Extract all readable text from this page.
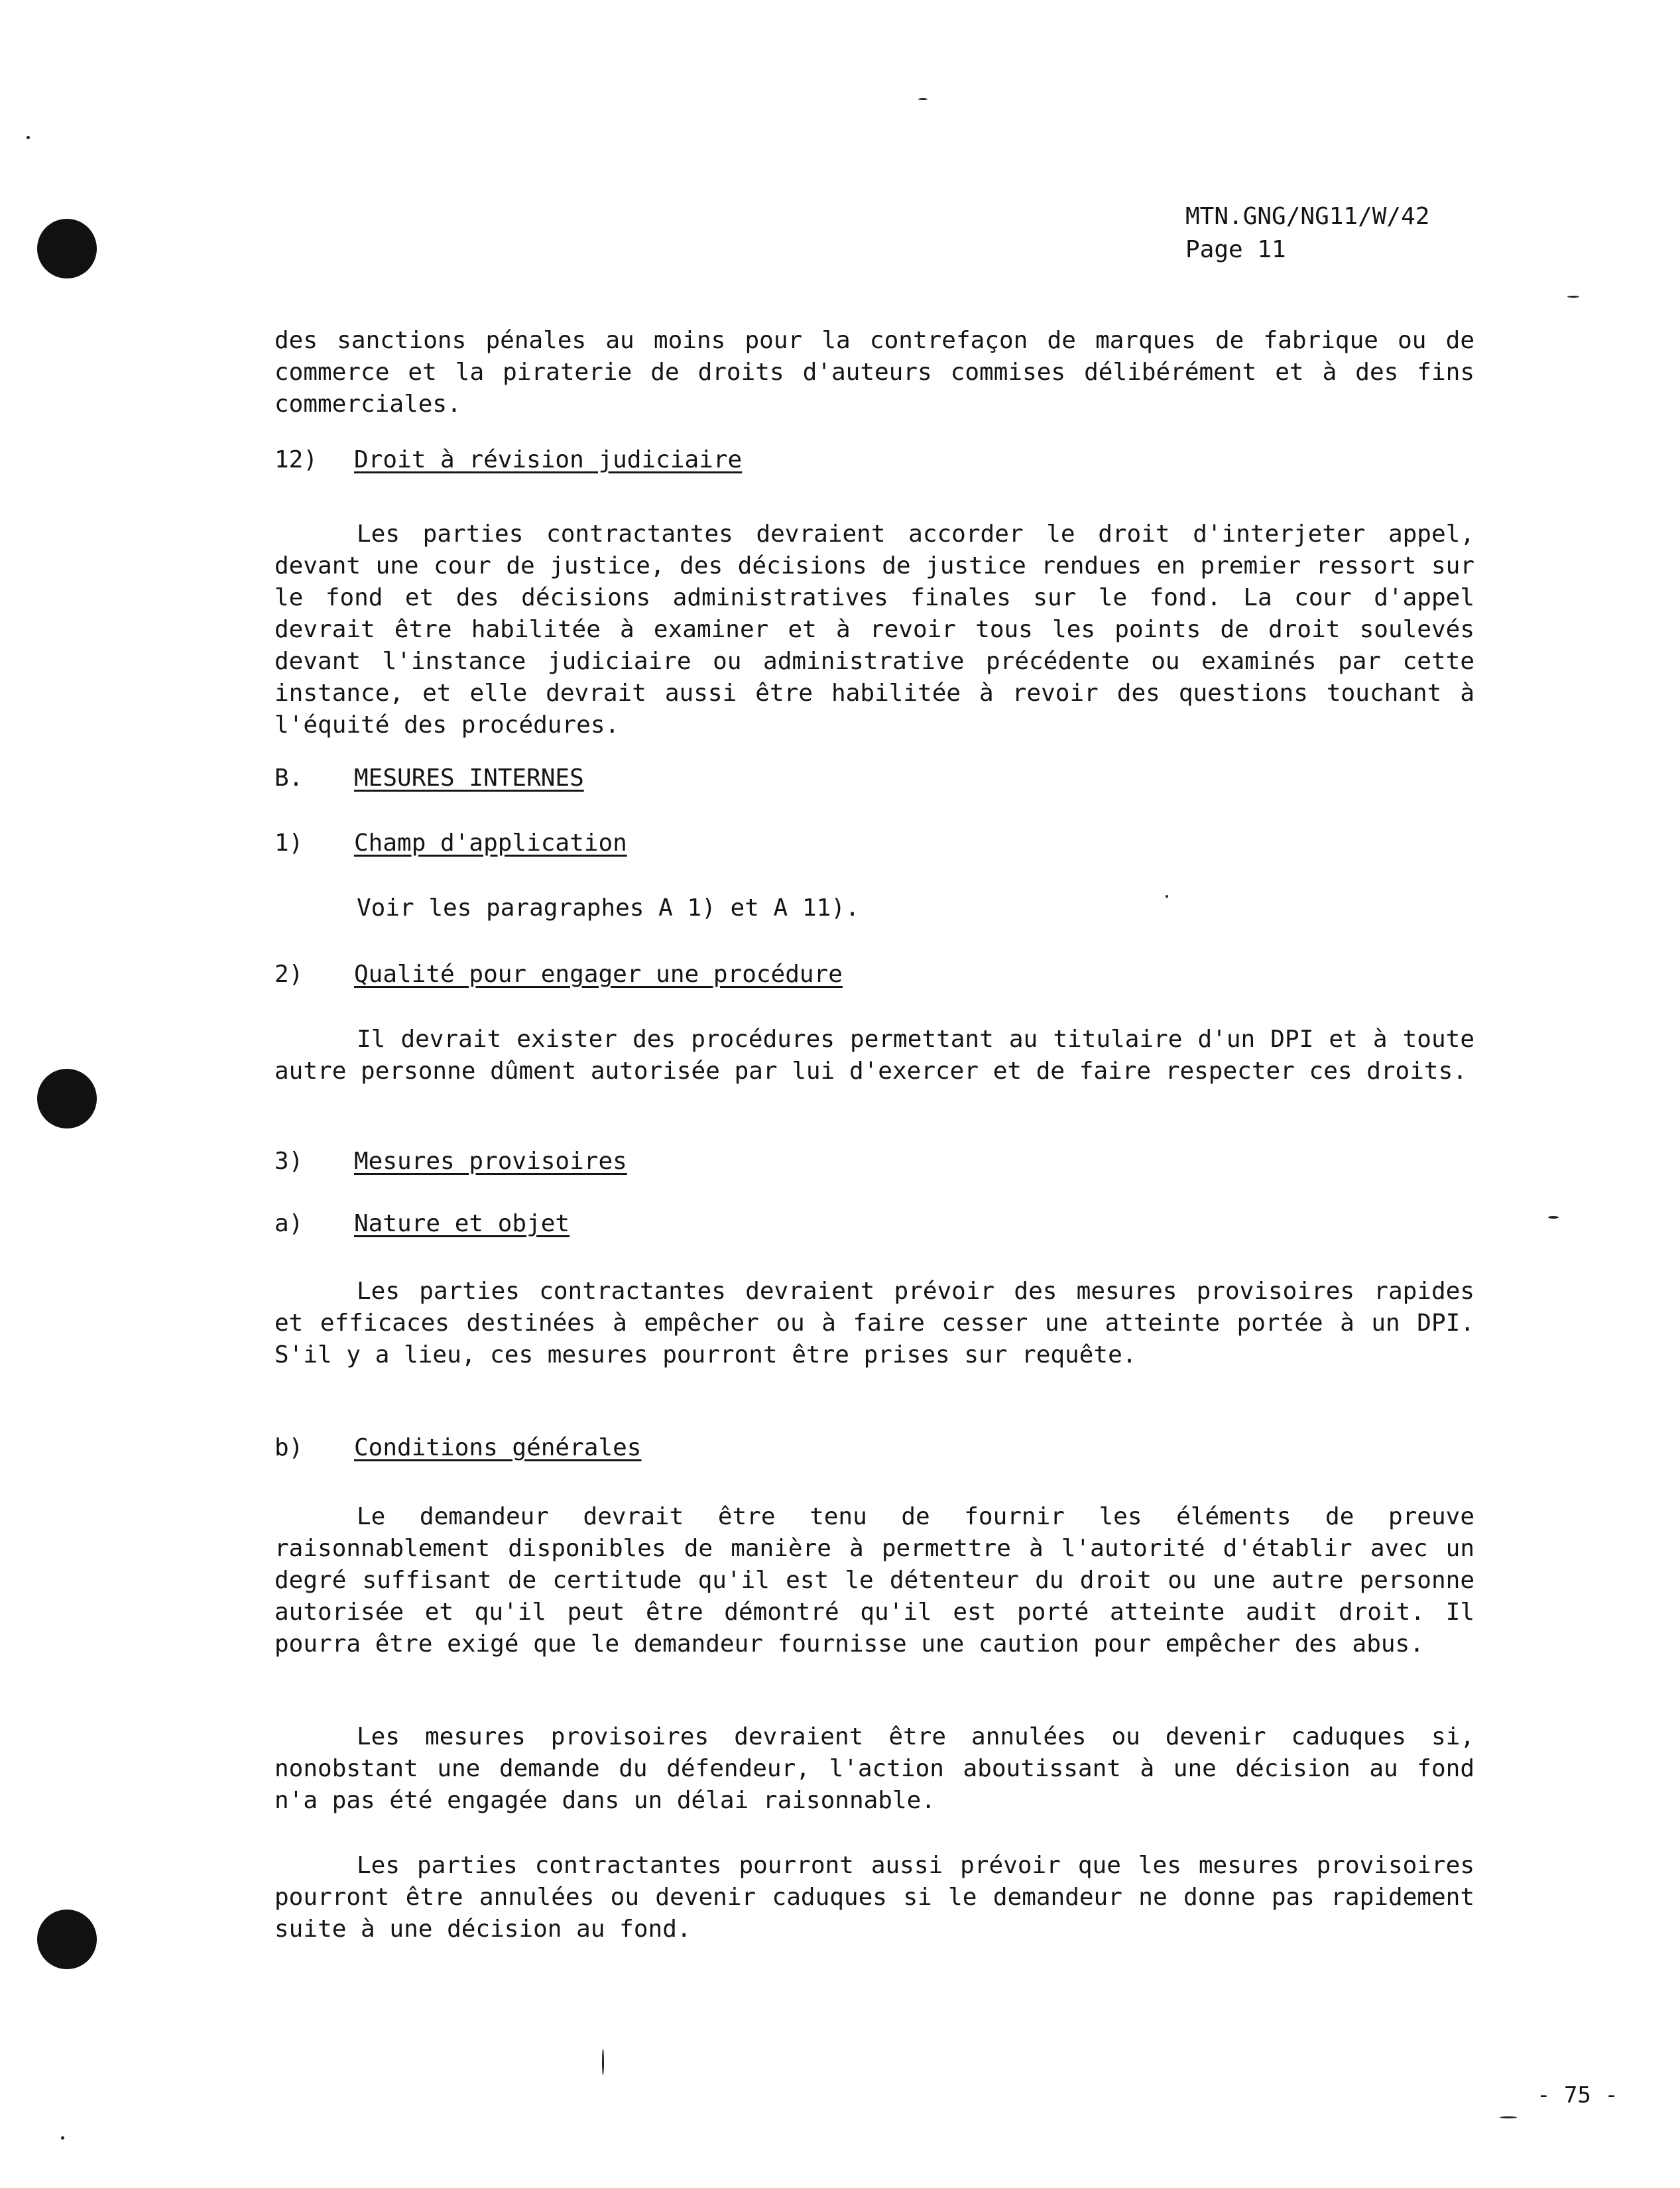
MTN.GNG/NG11/W/42
Page 11
des sanctions pénales au moins pour la contrefaçon de marques de fabrique ou de commerce et la piraterie de droits d'auteurs commises délibérément et à des fins commerciales.
12) Droit à révision judiciaire
Les parties contractantes devraient accorder le droit d'interjeter appel, devant une cour de justice, des décisions de justice rendues en premier ressort sur le fond et des décisions administratives finales sur le fond. La cour d'appel devrait être habilitée à examiner et à revoir tous les points de droit soulevés devant l'instance judiciaire ou administrative précédente ou examinés par cette instance, et elle devrait aussi être habilitée à revoir des questions touchant à l'équité des procédures.
B. MESURES INTERNES
1) Champ d'application
Voir les paragraphes A 1) et A 11).
2) Qualité pour engager une procédure
Il devrait exister des procédures permettant au titulaire d'un DPI et à toute autre personne dûment autorisée par lui d'exercer et de faire respecter ces droits.
3) Mesures provisoires
a) Nature et objet
Les parties contractantes devraient prévoir des mesures provisoires rapides et efficaces destinées à empêcher ou à faire cesser une atteinte portée à un DPI. S'il y a lieu, ces mesures pourront être prises sur requête.
b) Conditions générales
Le demandeur devrait être tenu de fournir les éléments de preuve raisonnablement disponibles de manière à permettre à l'autorité d'établir avec un degré suffisant de certitude qu'il est le détenteur du droit ou une autre personne autorisée et qu'il peut être démontré qu'il est porté atteinte audit droit. Il pourra être exigé que le demandeur fournisse une caution pour empêcher des abus.
Les mesures provisoires devraient être annulées ou devenir caduques si, nonobstant une demande du défendeur, l'action aboutissant à une décision au fond n'a pas été engagée dans un délai raisonnable.
Les parties contractantes pourront aussi prévoir que les mesures provisoires pourront être annulées ou devenir caduques si le demandeur ne donne pas rapidement suite à une décision au fond.
- 75 -
